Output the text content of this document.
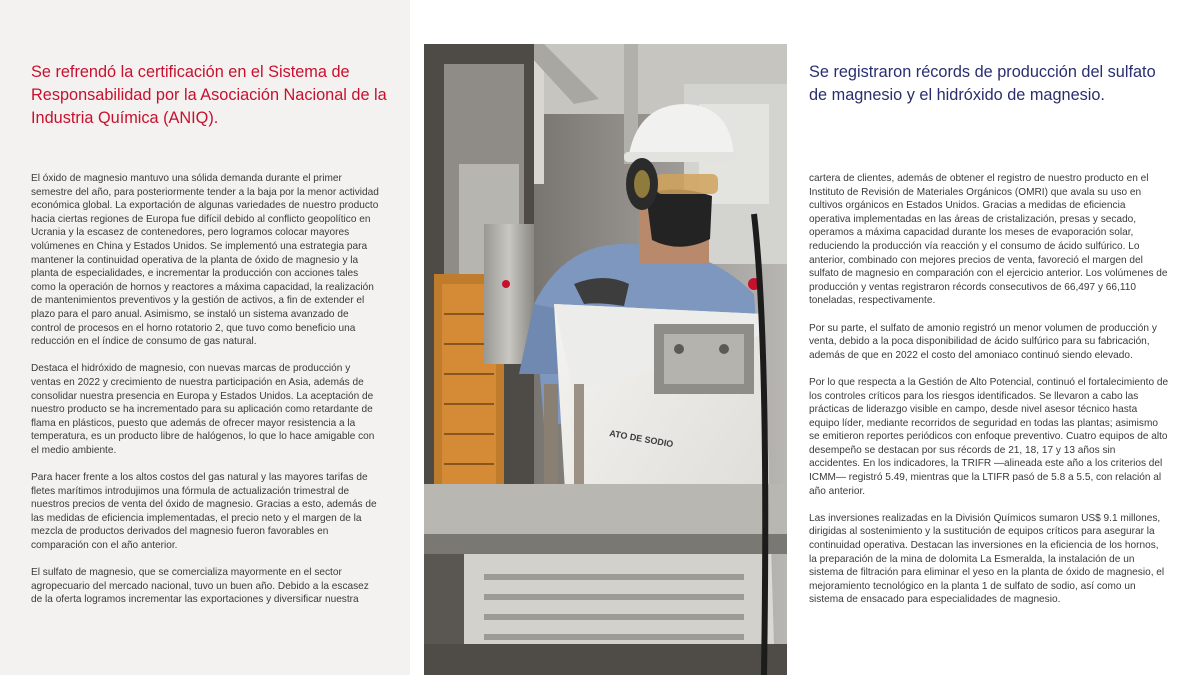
Se refrendó la certificación en el Sistema de Responsabilidad por la Asociación Nacional de la Industria Química (ANIQ).

El óxido de magnesio mantuvo una sólida demanda durante el primer semestre del año, para posteriormente tender a la baja por la menor actividad económica global. La exportación de algunas variedades de nuestro producto hacia ciertas regiones de Europa fue difícil debido al conflicto geopolítico en Ucrania y la escasez de contenedores, pero logramos colocar mayores volúmenes en China y Estados Unidos. Se implementó una estrategia para mantener la continuidad operativa de la planta de óxido de magnesio y la planta de especialidades, e incrementar la producción con acciones tales como la operación de hornos y reactores a máxima capacidad, la realización de mantenimientos preventivos y la gestión de activos, a fin de extender el plazo para el paro anual. Asimismo, se instaló un sistema avanzado de control de procesos en el horno rotatorio 2, que tuvo como beneficio una reducción en el índice de consumo de gas natural.

Destaca el hidróxido de magnesio, con nuevas marcas de producción y ventas en 2022 y crecimiento de nuestra participación en Asia, además de consolidar nuestra presencia en Europa y Estados Unidos. La aceptación de nuestro producto se ha incrementado para su aplicación como retardante de flama en plásticos, puesto que además de ofrecer mayor resistencia a la temperatura, es un producto libre de halógenos, lo que lo hace amigable con el medio ambiente.

Para hacer frente a los altos costos del gas natural y las mayores tarifas de fletes marítimos introdujimos una fórmula de actualización trimestral de nuestros precios de venta del óxido de magnesio. Gracias a esto, además de las medidas de eficiencia implementadas, el precio neto y el margen de la mezcla de productos derivados del magnesio fueron favorables en comparación con el año anterior.

El sulfato de magnesio, que se comercializa mayormente en el sector agropecuario del mercado nacional, tuvo un buen año. Debido a la escasez de la oferta logramos incrementar las exportaciones y diversificar nuestra

ATO DE SODIO
Se registraron récords de producción del sulfato de magnesio y el hidróxido de magnesio.

cartera de clientes, además de obtener el registro de nuestro producto en el Instituto de Revisión de Materiales Orgánicos (OMRI) que avala su uso en cultivos orgánicos en Estados Unidos. Gracias a medidas de eficiencia operativa implementadas en las áreas de cristalización, presas y secado, operamos a máxima capacidad durante los meses de evaporación solar, reduciendo la producción vía reacción y el consumo de ácido sulfúrico. Lo anterior, combinado con mejores precios de venta, favoreció el margen del sulfato de magnesio en comparación con el ejercicio anterior. Los volúmenes de producción y ventas registraron récords consecutivos de 66,497 y 66,110 toneladas, respectivamente.

Por su parte, el sulfato de amonio registró un menor volumen de producción y venta, debido a la poca disponibilidad de ácido sulfúrico para su fabricación, además de que en 2022 el costo del amoniaco continuó siendo elevado.

Por lo que respecta a la Gestión de Alto Potencial, continuó el fortalecimiento de los controles críticos para los riesgos identificados. Se llevaron a cabo las prácticas de liderazgo visible en campo, desde nivel asesor técnico hasta equipo líder, mediante recorridos de seguridad en todas las plantas; asimismo se emitieron reportes periódicos con enfoque preventivo. Cuatro equipos de alto desempeño se destacan por sus récords de 21, 18, 17 y 13 años sin accidentes. En los indicadores, la TRIFR —alineada este año a los criterios del ICMM— registró 5.49, mientras que la LTIFR pasó de 5.8 a 5.5, con relación al año anterior.

Las inversiones realizadas en la División Químicos sumaron US$ 9.1 millones, dirigidas al sostenimiento y la sustitución de equipos críticos para asegurar la continuidad operativa. Destacan las inversiones en la eficiencia de los hornos, la preparación de la mina de dolomita La Esmeralda, la instalación de un sistema de filtración para eliminar el yeso en la planta de óxido de magnesio, el mejoramiento tecnológico en la planta 1 de sulfato de sodio, así como un sistema de ensacado para especialidades de magnesio.
